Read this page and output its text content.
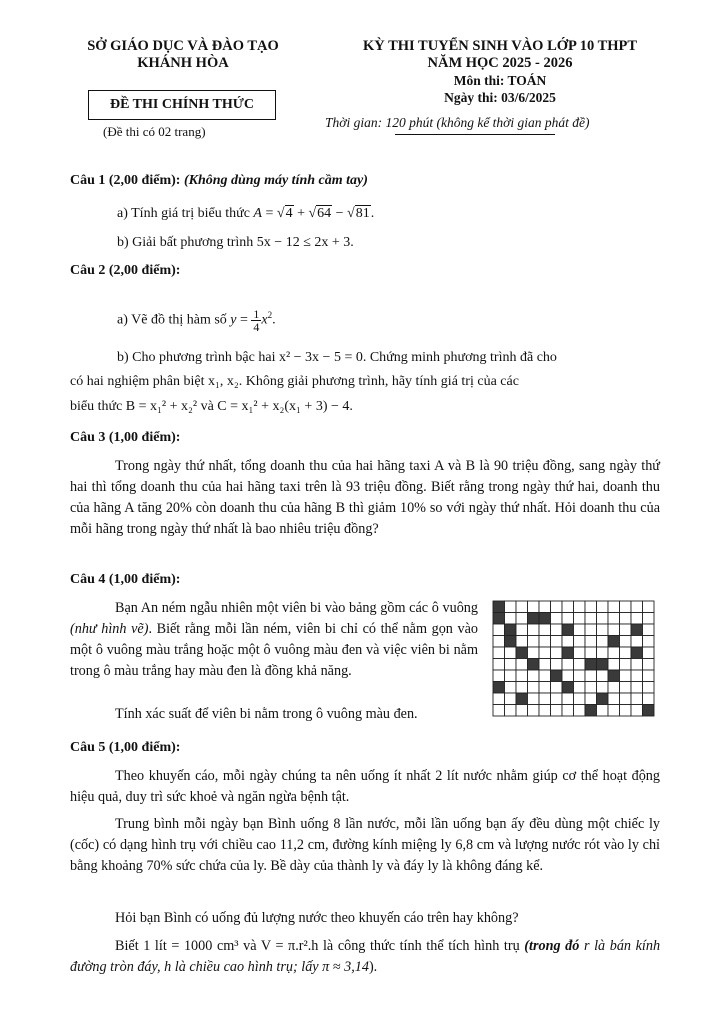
SỞ GIÁO DỤC VÀ ĐÀO TẠO
KHÁNH HÒA
ĐỀ THI CHÍNH THỨC
(Đề thi có 02 trang)
KỲ THI TUYỂN SINH VÀO LỚP 10 THPT
NĂM HỌC 2025 - 2026
Môn thi: TOÁN
Ngày thi: 03/6/2025
Thời gian: 120 phút (không kể thời gian phát đề)
Câu 1 (2,00 điểm): (Không dùng máy tính cầm tay)
a) Tính giá trị biểu thức A = √4 + √64 − √81.
b) Giải bất phương trình 5x − 12 ≤ 2x + 3.
Câu 2 (2,00 điểm):
a) Vẽ đồ thị hàm số $y = \frac{1}{4} x^2$.
b) Cho phương trình bậc hai x² − 3x − 5 = 0. Chứng minh phương trình đã cho
có hai nghiệm phân biệt x₁, x₂. Không giải phương trình, hãy tính giá trị của các
biểu thức B = x₁² + x₂² và C = x₁² + x₂(x₁ + 3) − 4.
Câu 3 (1,00 điểm):
Trong ngày thứ nhất, tổng doanh thu của hai hãng taxi A và B là 90 triệu đồng, sang ngày thứ hai thì tổng doanh thu của hai hãng taxi trên là 93 triệu đồng. Biết rằng trong ngày thứ hai, doanh thu của hãng A tăng 20% còn doanh thu của hãng B thì giảm 10% so với ngày thứ nhất. Hỏi doanh thu của mỗi hãng trong ngày thứ nhất là bao nhiêu triệu đồng?
Câu 4 (1,00 điểm):
Bạn An ném ngẫu nhiên một viên bi vào bảng gồm các ô vuông (như hình vẽ). Biết rằng mỗi lần ném, viên bi chỉ có thể nằm gọn vào một ô vuông màu trắng hoặc một ô vuông màu đen và việc viên bi nằm trong ô màu trắng hay màu đen là đồng khả năng.
Tính xác suất để viên bi nằm trong ô vuông màu đen.
Câu 5 (1,00 điểm):
Theo khuyến cáo, mỗi ngày chúng ta nên uống ít nhất 2 lít nước nhằm giúp cơ thể hoạt động hiệu quả, duy trì sức khoẻ và ngăn ngừa bệnh tật.
Trung bình mỗi ngày bạn Bình uống 8 lần nước, mỗi lần uống bạn ấy đều dùng một chiếc ly (cốc) có dạng hình trụ với chiều cao 11,2 cm, đường kính miệng ly 6,8 cm và lượng nước rót vào ly chỉ bằng khoảng 70% sức chứa của ly. Bề dày của thành ly và đáy ly là không đáng kể.
Hỏi bạn Bình có uống đủ lượng nước theo khuyến cáo trên hay không?
Biết 1 lít = 1000 cm³ và V = π.r².h là công thức tính thể tích hình trụ (trong đó r là bán kính đường tròn đáy, h là chiều cao hình trụ; lấy π ≈ 3,14).
